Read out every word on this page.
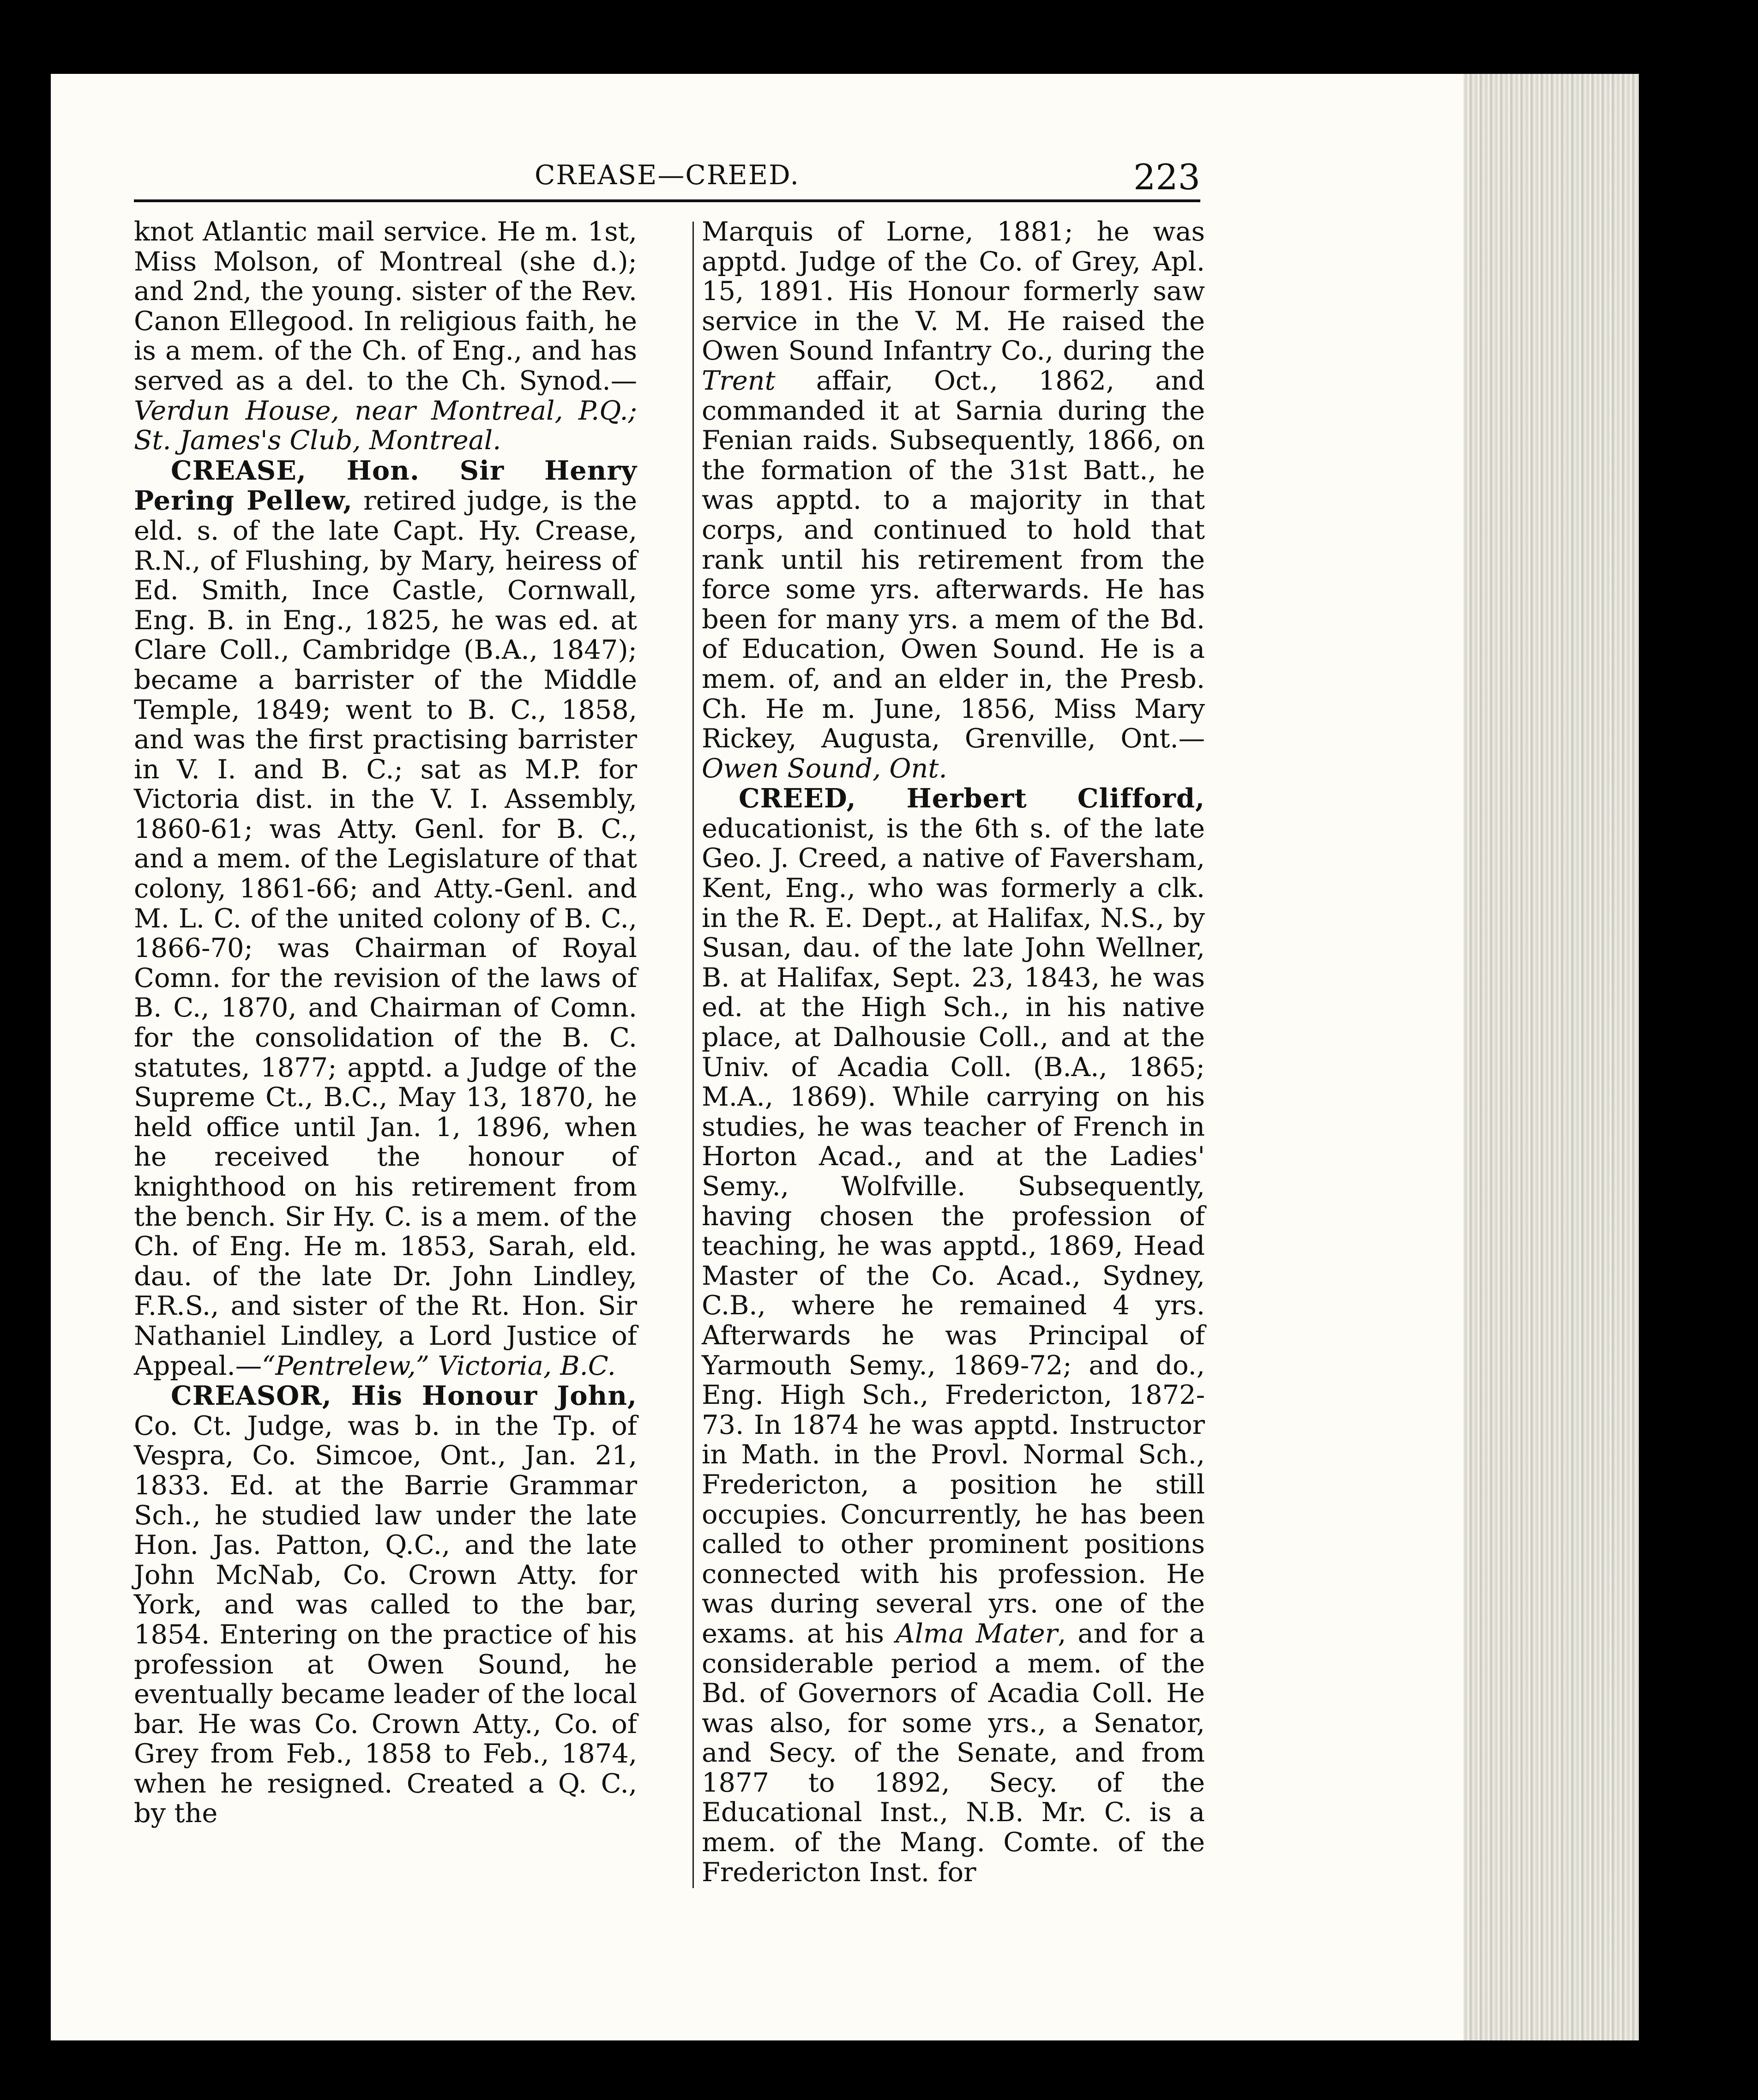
CREASE—CREED.	223

knot Atlantic mail service. He m. 1st, Miss Molson, of Montreal (she d.); and 2nd, the young. sister of the Rev. Canon Ellegood. In religious faith, he is a mem. of the Ch. of Eng., and has served as a del. to the Ch. Synod.—Verdun House, near Montreal, P.Q.; St. James's Club, Montreal.

CREASE, Hon. Sir Henry Pering Pellew, retired judge, is the eld. s. of the late Capt. Hy. Crease, R.N., of Flushing, by Mary, heiress of Ed. Smith, Ince Castle, Cornwall, Eng. B. in Eng., 1825, he was ed. at Clare Coll., Cambridge (B.A., 1847); became a barrister of the Middle Temple, 1849; went to B. C., 1858, and was the first practising barrister in V. I. and B. C.; sat as M.P. for Victoria dist. in the V. I. Assembly, 1860-61; was Atty. Genl. for B. C., and a mem. of the Legislature of that colony, 1861-66; and Atty.-Genl. and M. L. C. of the united colony of B. C., 1866-70; was Chairman of Royal Comn. for the revision of the laws of B. C., 1870, and Chairman of Comn. for the consolidation of the B. C. statutes, 1877; apptd. a Judge of the Supreme Ct., B.C., May 13, 1870, he held office until Jan. 1, 1896, when he received the honour of knighthood on his retirement from the bench. Sir Hy. C. is a mem. of the Ch. of Eng. He m. 1853, Sarah, eld. dau. of the late Dr. John Lindley, F.R.S., and sister of the Rt. Hon. Sir Nathaniel Lindley, a Lord Justice of Appeal.—“Pentrelew,” Victoria, B.C.

CREASOR, His Honour John, Co. Ct. Judge, was b. in the Tp. of Vespra, Co. Simcoe, Ont., Jan. 21, 1833. Ed. at the Barrie Grammar Sch., he studied law under the late Hon. Jas. Patton, Q.C., and the late John McNab, Co. Crown Atty. for York, and was called to the bar, 1854. Entering on the practice of his profession at Owen Sound, he eventually became leader of the local bar. He was Co. Crown Atty., Co. of Grey from Feb., 1858 to Feb., 1874, when he resigned. Created a Q. C., by the

Marquis of Lorne, 1881; he was apptd. Judge of the Co. of Grey, Apl. 15, 1891. His Honour formerly saw service in the V. M. He raised the Owen Sound Infantry Co., during the Trent affair, Oct., 1862, and commanded it at Sarnia during the Fenian raids. Subsequently, 1866, on the formation of the 31st Batt., he was apptd. to a majority in that corps, and continued to hold that rank until his retirement from the force some yrs. afterwards. He has been for many yrs. a mem of the Bd. of Education, Owen Sound. He is a mem. of, and an elder in, the Presb. Ch. He m. June, 1856, Miss Mary Rickey, Augusta, Grenville, Ont.—Owen Sound, Ont.

CREED, Herbert Clifford, educationist, is the 6th s. of the late Geo. J. Creed, a native of Faversham, Kent, Eng., who was formerly a clk. in the R. E. Dept., at Halifax, N.S., by Susan, dau. of the late John Wellner, B. at Halifax, Sept. 23, 1843, he was ed. at the High Sch., in his native place, at Dalhousie Coll., and at the Univ. of Acadia Coll. (B.A., 1865; M.A., 1869). While carrying on his studies, he was teacher of French in Horton Acad., and at the Ladies' Semy., Wolfville. Subsequently, having chosen the profession of teaching, he was apptd., 1869, Head Master of the Co. Acad., Sydney, C.B., where he remained 4 yrs. Afterwards he was Principal of Yarmouth Semy., 1869-72; and do., Eng. High Sch., Fredericton, 1872-73. In 1874 he was apptd. Instructor in Math. in the Provl. Normal Sch., Fredericton, a position he still occupies. Concurrently, he has been called to other prominent positions connected with his profession. He was during several yrs. one of the exams. at his Alma Mater, and for a considerable period a mem. of the Bd. of Governors of Acadia Coll. He was also, for some yrs., a Senator, and Secy. of the Senate, and from 1877 to 1892, Secy. of the Educational Inst., N.B. Mr. C. is a mem. of the Mang. Comte. of the Fredericton Inst. for
